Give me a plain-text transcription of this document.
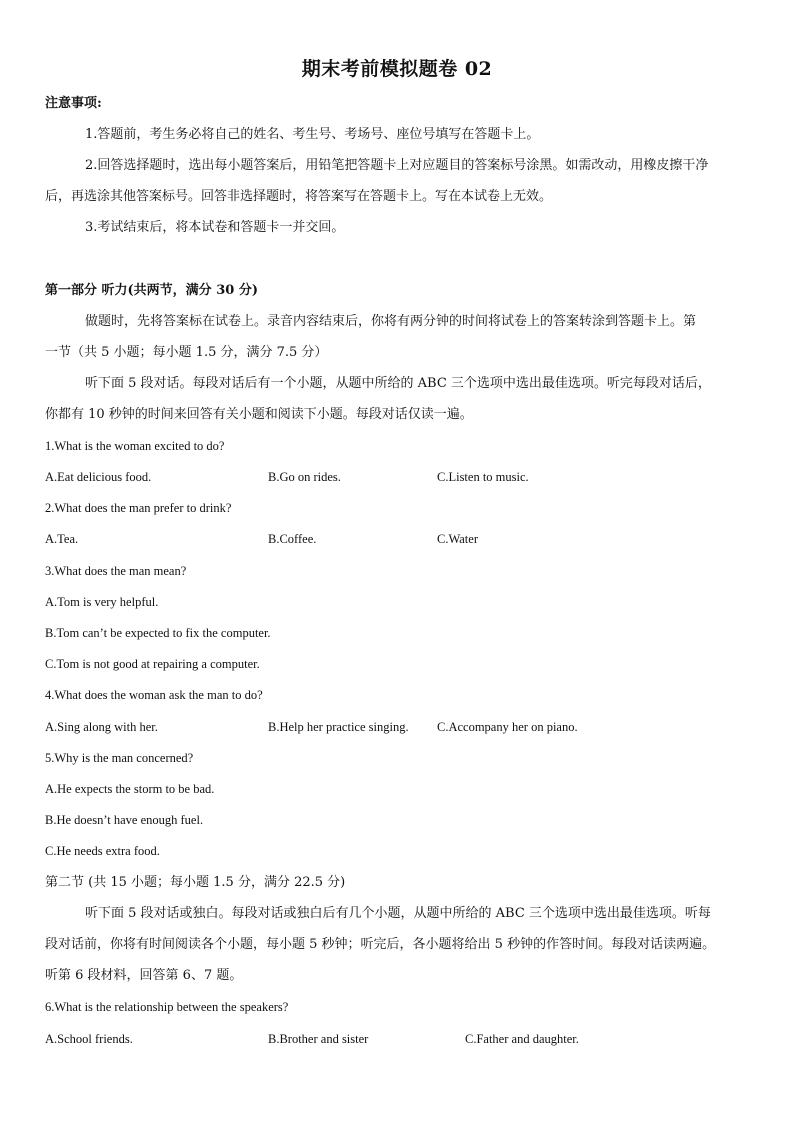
期末考前模拟题卷 02
注意事项:
1.答题前，考生务必将自己的姓名、考生号、考场号、座位号填写在答题卡上。
2.回答选择题时，选出每小题答案后，用铅笔把答题卡上对应题目的答案标号涂黑。如需改动，用橡皮擦干净
后，再选涂其他答案标号。回答非选择题时，将答案写在答题卡上。写在本试卷上无效。
3.考试结束后，将本试卷和答题卡一并交回。
第一部分 听力(共两节，满分 30 分)
做题时，先将答案标在试卷上。录音内容结束后，你将有两分钟的时间将试卷上的答案转涂到答题卡上。第
一节（共 5 小题；每小题 1.5 分，满分 7.5 分）
听下面 5 段对话。每段对话后有一个小题，从题中所给的 ABC 三个选项中选出最佳选项。听完每段对话后，
你都有 10 秒钟的时间来回答有关小题和阅读下小题。每段对话仅读一遍。
1.What is the woman excited to do?
A.Eat delicious food.	B.Go on rides.	C.Listen to music.
2.What does the man prefer to drink?
A.Tea.	B.Coffee.	C.Water
3.What does the man mean?
A.Tom is very helpful.
B.Tom can’t be expected to fix the computer.
C.Tom is not good at repairing a computer.
4.What does the woman ask the man to do?
A.Sing along with her.	B.Help her practice singing. C.Accompany her on piano.
5.Why is the man concerned?
A.He expects the storm to be bad.
B.He doesn’t have enough fuel.
C.He needs extra food.
第二节 (共 15 小题；每小题 1.5 分，满分 22.5 分)
听下面 5 段对话或独白。每段对话或独白后有几个小题，从题中所给的 ABC 三个选项中选出最佳选项。听每
段对话前，你将有时间阅读各个小题，每小题 5 秒钟；听完后，各小题将给出 5 秒钟的作答时间。每段对话读两遍。
听第 6 段材料，回答第 6、7 题。
6.What is the relationship between the speakers?
A.School friends.	B.Brother and sister	C.Father and daughter.
